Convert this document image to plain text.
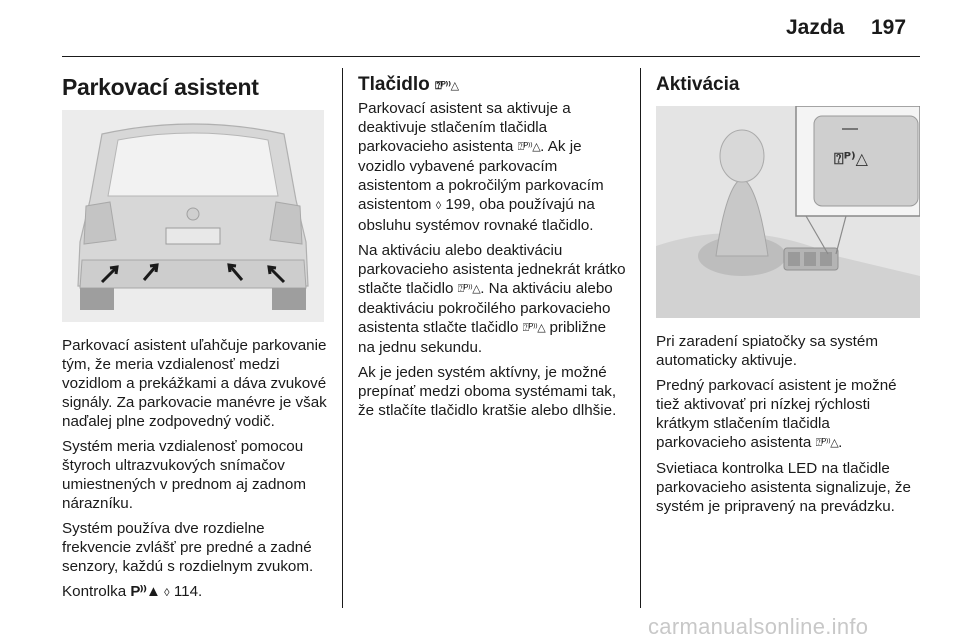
Jazda 197
Parkovací asistent

Parkovací asistent uľahčuje parkovanie tým, že meria vzdialenosť medzi vozidlom a prekážkami a dáva zvukové signály. Za parkovacie manévre je však naďalej plne zodpovedný vodič.

Systém meria vzdialenosť pomocou štyroch ultrazvukových snímačov umiestnených v prednom aj zadnom nárazníku.

Systém používa dve rozdielne frekvencie zvlášť pre predné a zadné senzory, každú s rozdielnym zvukom.

Kontrolka P⁾⁾▲ ◊ 114.

Tlačidlo ⍰ᴾ⁾⁾△

Parkovací asistent sa aktivuje a deaktivuje stlačením tlačidla parkovacieho asistenta ⍰ᴾ⁾⁾△. Ak je vozidlo vybavené parkovacím asistentom a pokročilým parkovacím asistentom ◊ 199, oba používajú na obsluhu systémov rovnaké tlačidlo.

Na aktiváciu alebo deaktiváciu parkovacieho asistenta jednekrát krátko stlačte tlačidlo ⍰ᴾ⁾⁾△. Na aktiváciu alebo deaktiváciu pokročilého parkovacieho asistenta stlačte tlačidlo ⍰ᴾ⁾⁾△ približne na jednu sekundu.

Ak je jeden systém aktívny, je možné prepínať medzi oboma systémami tak, že stlačíte tlačidlo kratšie alebo dlhšie.

Aktivácia
⍰ᴾ⁾△

Pri zaradení spiatočky sa systém automaticky aktivuje.

Predný parkovací asistent je možné tiež aktivovať pri nízkej rýchlosti krátkym stlačením tlačidla parkovacieho asistenta ⍰ᴾ⁾⁾△.

Svietiaca kontrolka LED na tlačidle parkovacieho asistenta signalizuje, že systém je pripravený na prevádzku.

carmanualsonline.info
